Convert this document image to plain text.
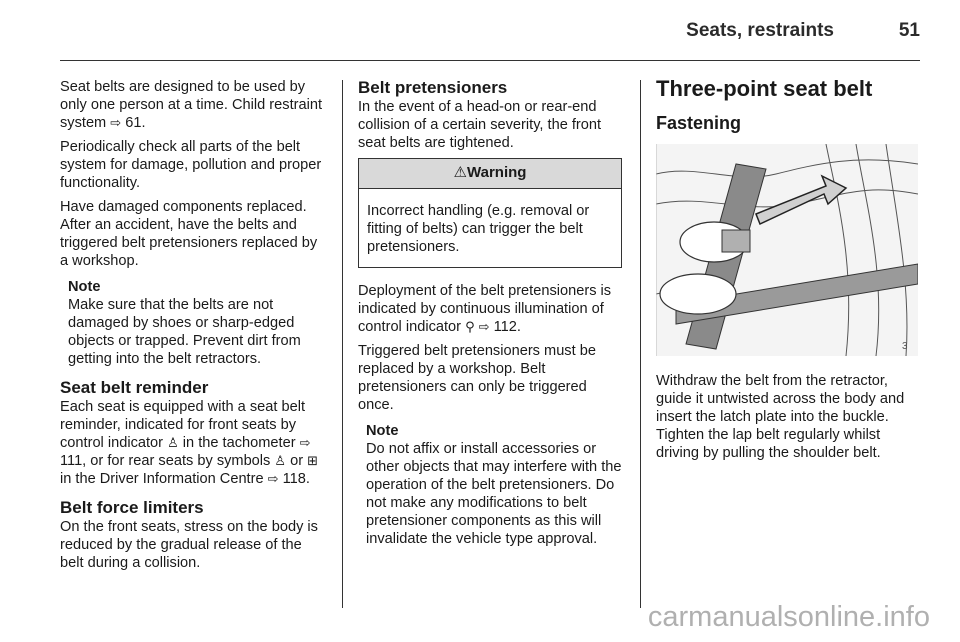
Seats, restraints	51

Seat belts are designed to be used by only one person at a time. Child restraint system ⇨ 61.

Periodically check all parts of the belt system for damage, pollution and proper functionality.

Have damaged components replaced. After an accident, have the belts and triggered belt pretensioners replaced by a workshop.

Note
Make sure that the belts are not damaged by shoes or sharp-edged objects or trapped. Prevent dirt from getting into the belt retractors.
Seat belt reminder

Each seat is equipped with a seat belt reminder, indicated for front seats by control indicator ♙ in the tachometer ⇨ 111, or for rear seats by symbols ♙ or ⊞ in the Driver Information Centre ⇨ 118.

Belt force limiters

On the front seats, stress on the body is reduced by the gradual release of the belt during a collision.

Belt pretensioners

In the event of a head-on or rear-end collision of a certain severity, the front seat belts are tightened.

⚠Warning
Incorrect handling (e.g. removal or fitting of belts) can trigger the belt pretensioners.

Deployment of the belt pretensioners is indicated by continuous illumination of control indicator ⚲ ⇨ 112.

Triggered belt pretensioners must be replaced by a workshop. Belt pretensioners can only be triggered once.

Note
Do not affix or install accessories or other objects that may interfere with the operation of the belt pretensioners. Do not make any modifications to belt pretensioner components as this will invalidate the vehicle type approval.
Three-point seat belt
Fastening
3

Withdraw the belt from the retractor, guide it untwisted across the body and insert the latch plate into the buckle. Tighten the lap belt regularly whilst driving by pulling the shoulder belt.

carmanualsonline.info
